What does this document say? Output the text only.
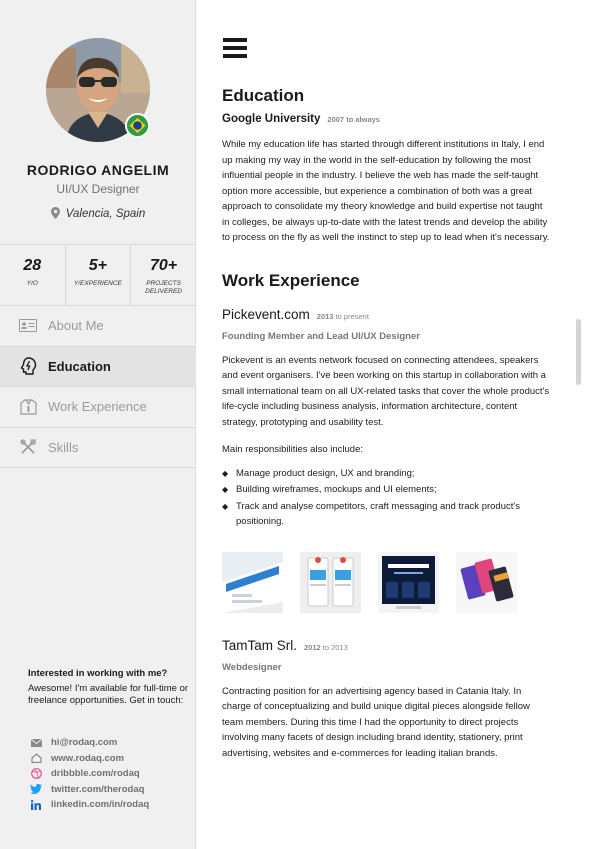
RODRIGO ANGELIM
UI/UX Designer
Valencia, Spain
28
Y/O
5+
Y/EXPERIENCE
70+
PROJECTS DELIVERED
About Me
Education
Work Experience
Skills
Interested in working with me?
Awesome! I'm available for full-time or freelance opportunities. Get in touch:
hi@rodaq.com
www.rodaq.com
dribbble.com/rodaq
twitter.com/therodaq
linkedin.com/in/rodaq
Education
Google University 2007 to always

While my education life has started through different institutions in Italy, I end up making my way in the world in the self-education by following the most influential people in the industry. I believe the web has made the self-taught option more accessible, but experience a combination of both was a great approach to consolidate my theory knowledge and build expertise not taught in colleges, be always up-to-date with the latest trends and develop the ability to process on the fly as well the instinct to step up to lead when it's necessary.

Work Experience
Pickevent.com 2013 to present
Founding Member and Lead UI/UX Designer

Pickevent is an events network focused on connecting attendees, speakers and event organisers. I've been working on this startup in collaboration with a small international team on all UX-related tasks that cover the whole product's life-cycle including business analysis, information architecture, content strategy, prototyping and usability test.

Main responsibilities also include:

◆ Manage product design, UX and branding;
◆ Building wireframes, mockups and UI elements;
◆ Track and analyse competitors, craft messaging and track product's positioning.
TamTam Srl. 2012 to 2013
Webdesigner

Contracting position for an advertising agency based in Catania Italy. In charge of conceptualizing and build unique digital pieces alongside fellow team members. During this time I had the opportunity to direct projects involving many facets of design including brand identity, stationery, print advertising, websites and e-commerces for leading italian brands.
